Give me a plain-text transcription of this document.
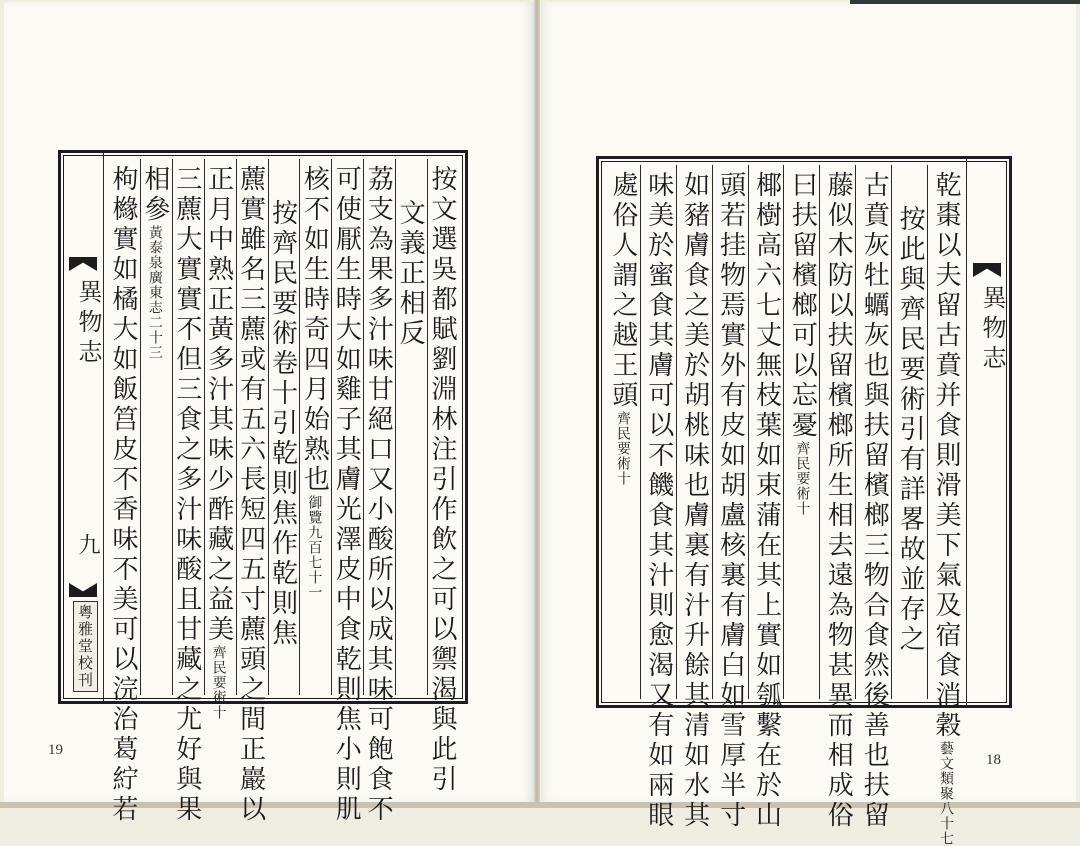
異物志
九
粵雅堂校刊	按文選吳都賦劉淵林注引作飲之可以禦渴與此引
文義正相反
荔支為果多汁味甘絕口又小酸所以成其味可飽食不
可使厭生時大如雞子其膚光澤皮中食乾則焦小則肌
核不如生時奇四月始熟也御覽九百七十一
按齊民要術卷十引乾則焦作乾則焦
藨實雖名三藨或有五六長短四五寸藨頭之間正巖以
正月中熟正黃多汁其味少酢藏之益美齊民要術十
三藨大實實不但三食之多汁味酸且甘藏之尤好與果
相參黃泰泉廣東志二十三
枸櫞實如橘大如飯筥皮不香味不美可以浣治葛紵若	異物志
乾棗以夫留古賁并食則滑美下氣及宿食消穀藝文類聚八十七
按此與齊民要術引有詳畧故並存之
古賁灰牡蠣灰也與扶留檳榔三物合食然後善也扶留
藤似木防以扶留檳榔所生相去遠為物甚異而相成俗
曰扶留檳榔可以忘憂齊民要術十
椰樹高六七丈無枝葉如束蒲在其上實如瓠繫在於山
頭若挂物焉實外有皮如胡盧核裏有膚白如雪厚半寸
如豬膚食之美於胡桃味也膚裏有汁升餘其清如水其
味美於蜜食其膚可以不饑食其汁則愈渴又有如兩眼
處俗人謂之越王頭齊民要術十
19
18
